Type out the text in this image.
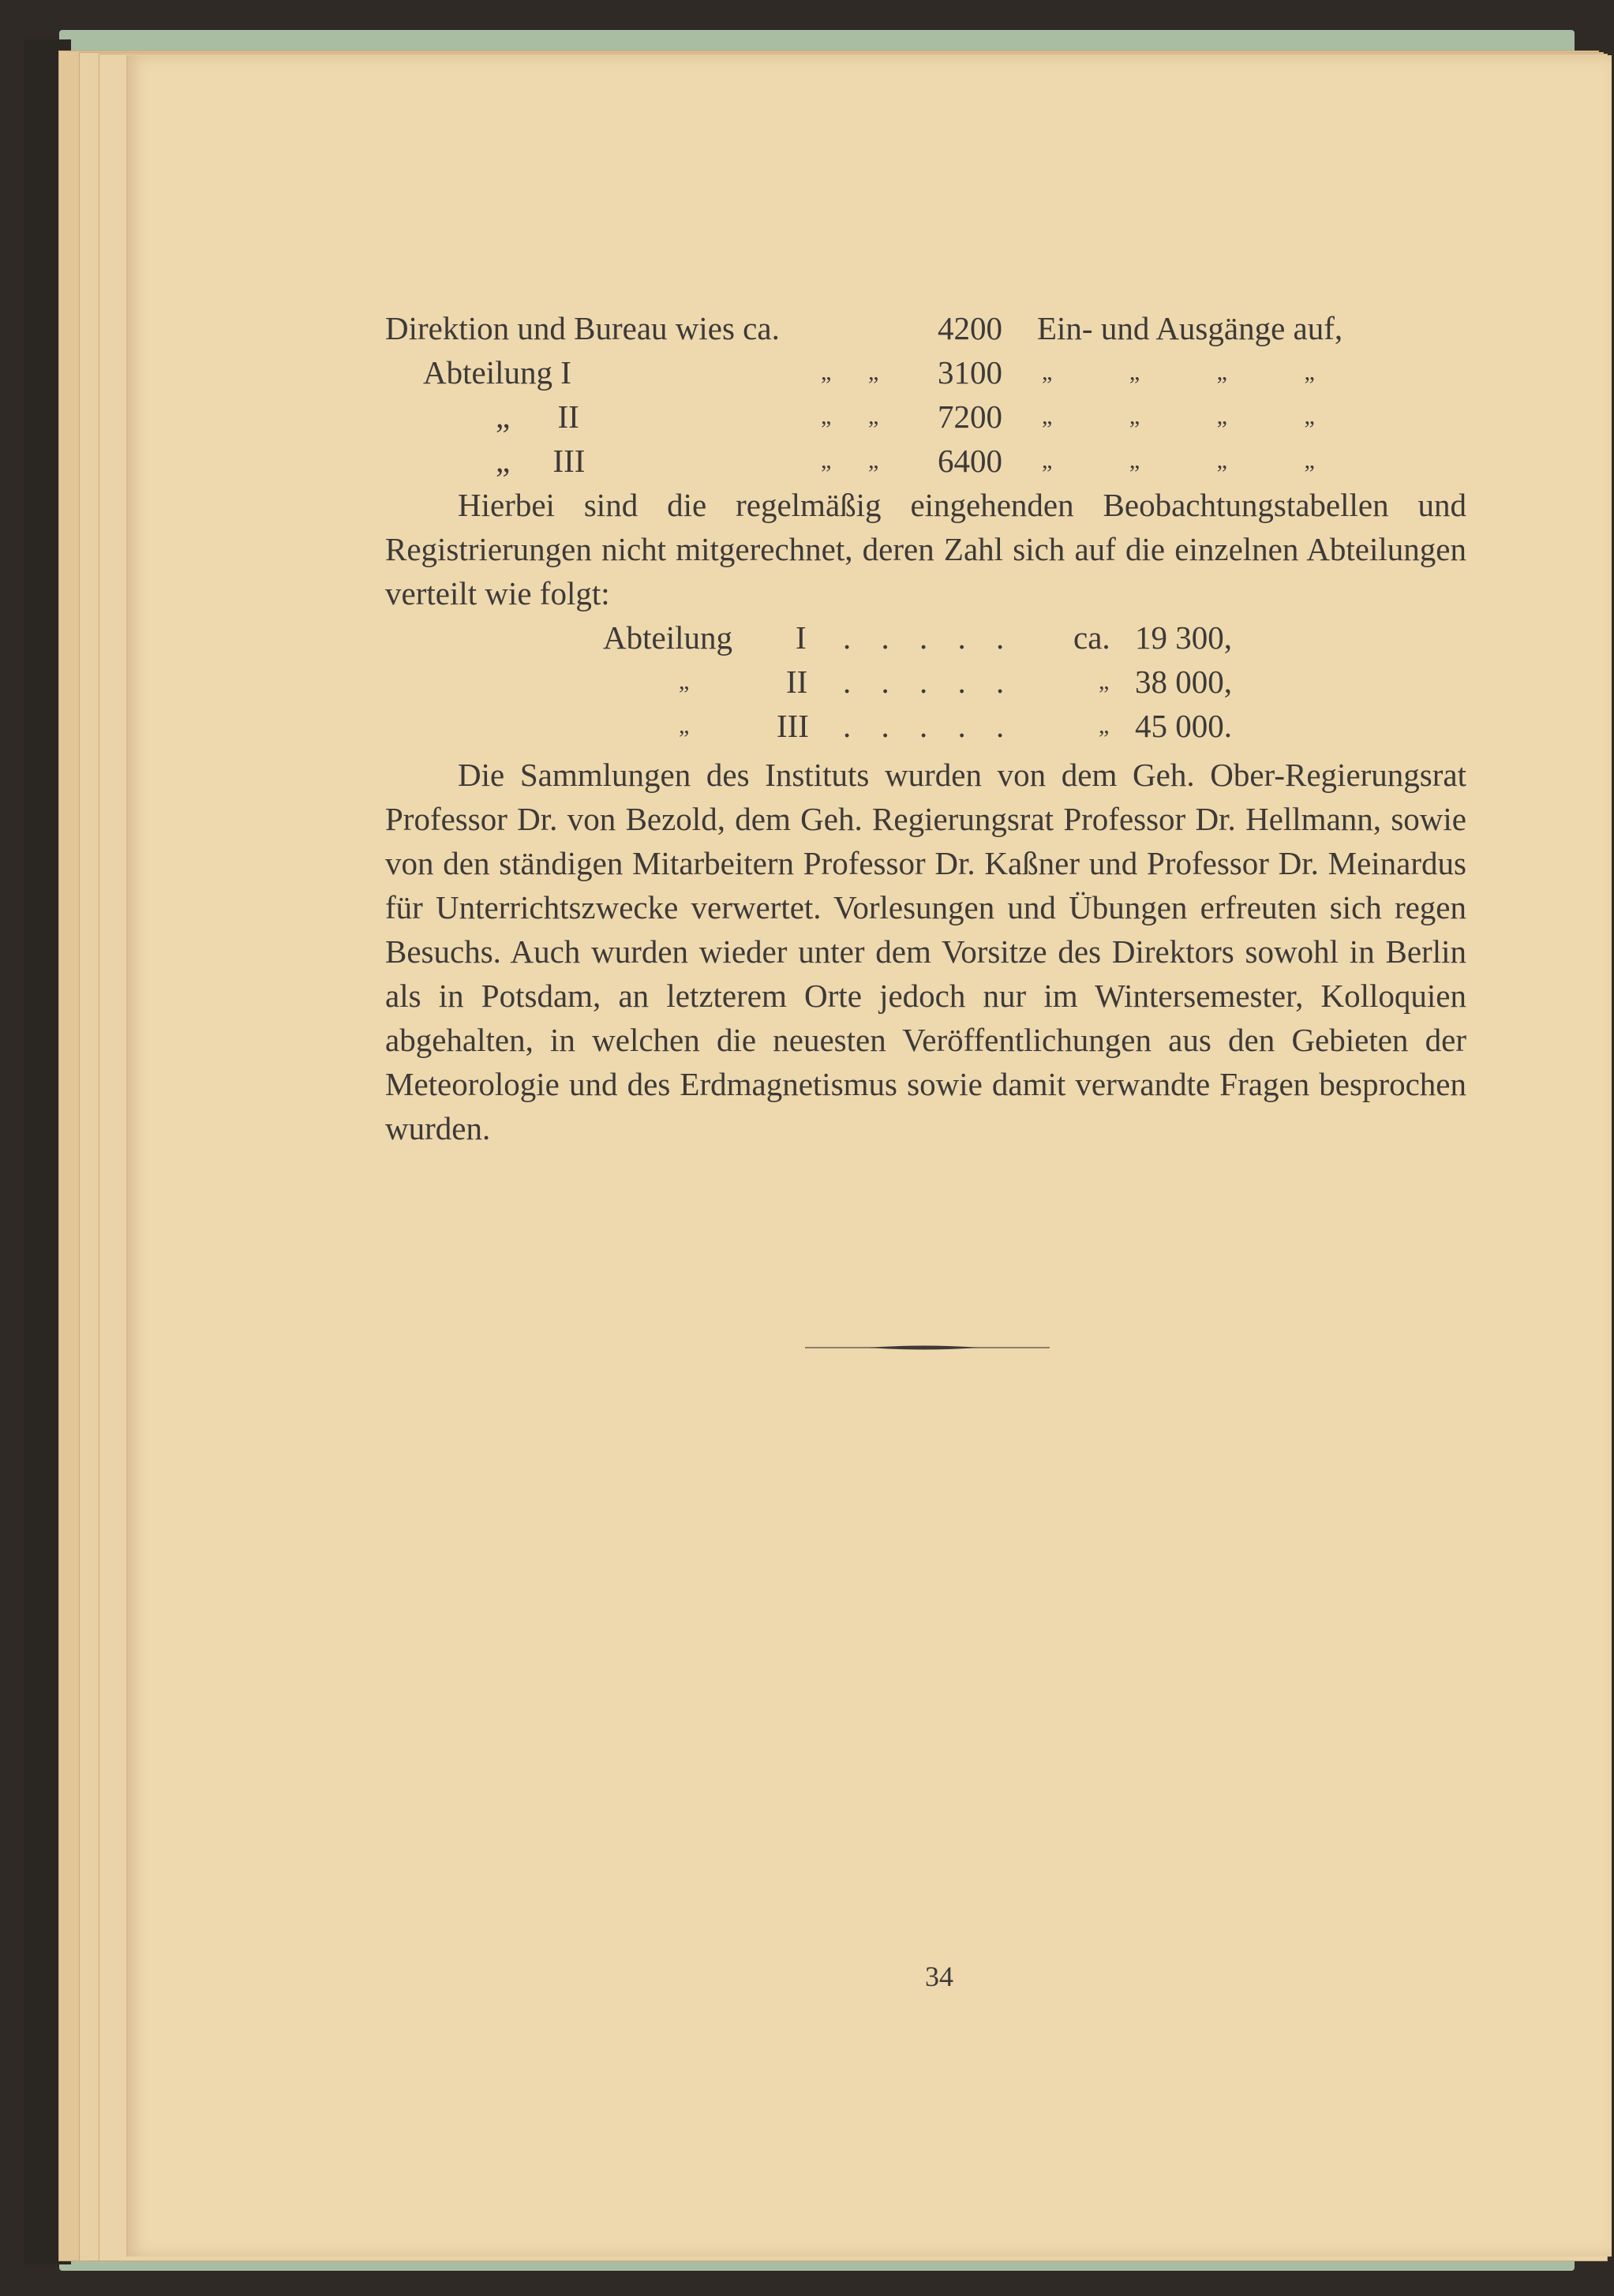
Direktion und Bureau wies ca.	4200 Ein- und Ausgänge auf,
Abteilung I	„ „ 3100 „ „ „ „
„ II	„ „ 7200 „ „ „ „
„ III	„ „ 6400 „ „ „ „

Hierbei sind die regelmäßig eingehenden Beobachtungstabellen und Registrierungen nicht mitgerechnet, deren Zahl sich auf die einzelnen Abteilungen verteilt wie folgt:

Abteilung I . . . . . ca. 19 300,
„	II . . . . .	„ 38 000,
„	III . . . . .	„ 45 000.

Die Sammlungen des Instituts wurden von dem Geh. Ober-Regierungsrat Professor Dr. von Bezold, dem Geh. Regierungsrat Professor Dr. Hellmann, sowie von den ständigen Mitarbeitern Professor Dr. Kaßner und Professor Dr. Meinardus für Unterrichtszwecke verwertet. Vorlesungen und Übungen erfreuten sich regen Besuchs. Auch wurden wieder unter dem Vorsitze des Direktors sowohl in Berlin als in Potsdam, an letzterem Orte jedoch nur im Wintersemester, Kolloquien abgehalten, in welchen die neuesten Veröffentlichungen aus den Gebieten der Meteorologie und des Erdmagnetismus sowie damit verwandte Fragen besprochen wurden.

34
